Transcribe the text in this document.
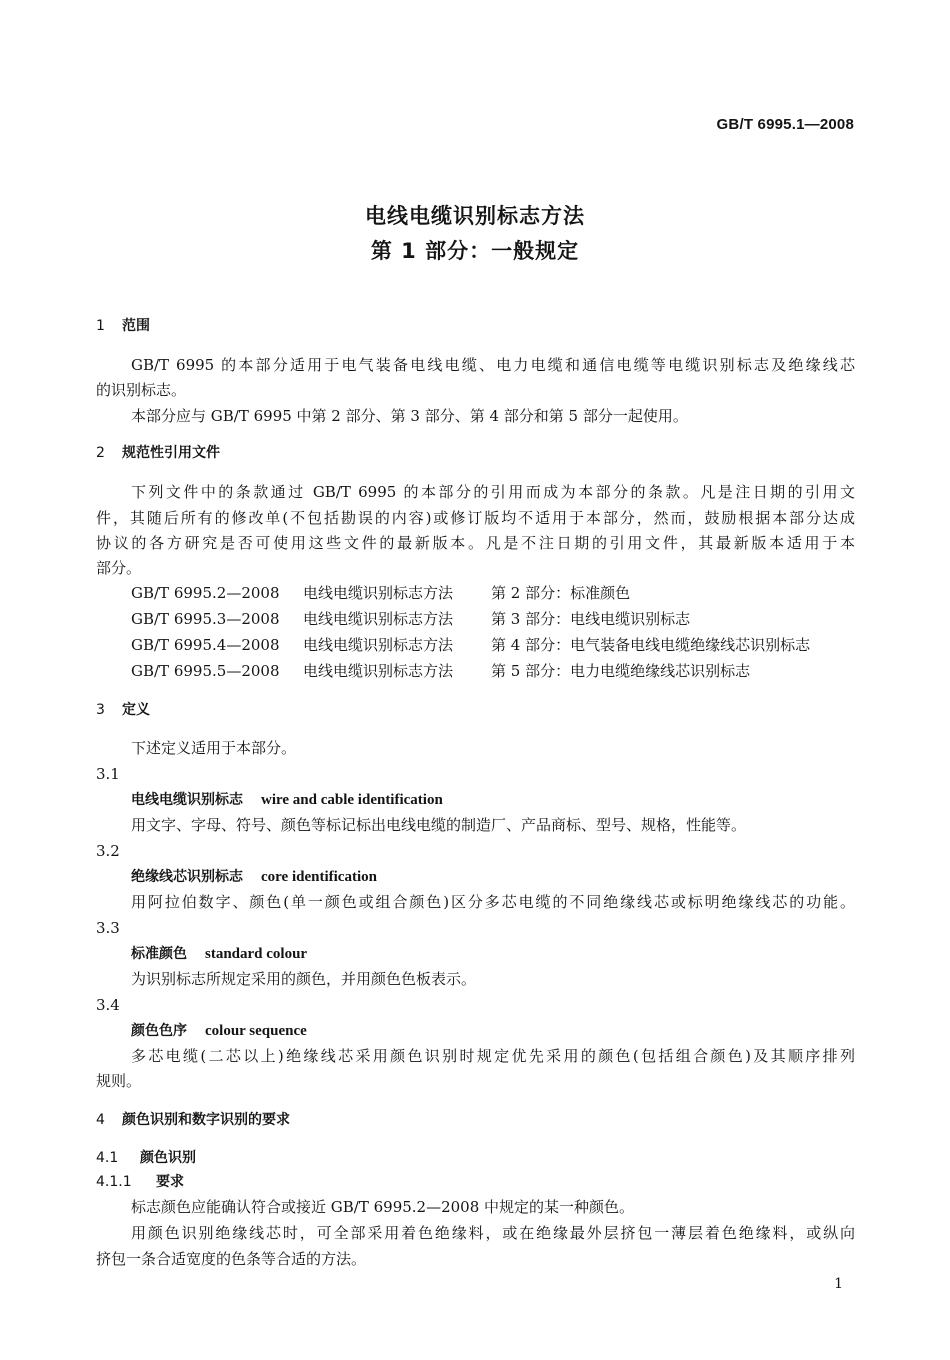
GB/T 6995.1—2008
电线电缆识别标志方法
第 1 部分：一般规定
1 范围
GB/T 6995 的本部分适用于电气装备电线电缆、电力电缆和通信电缆等电缆识别标志及绝缘线芯
的识别标志。
本部分应与 GB/T 6995 中第 2 部分、第 3 部分、第 4 部分和第 5 部分一起使用。
2 规范性引用文件
下列文件中的条款通过 GB/T 6995 的本部分的引用而成为本部分的条款。凡是注日期的引用文
件，其随后所有的修改单(不包括勘误的内容)或修订版均不适用于本部分，然而，鼓励根据本部分达成
协议的各方研究是否可使用这些文件的最新版本。凡是不注日期的引用文件，其最新版本适用于本
部分。
GB/T 6995.2—2008 电线电缆识别标志方法	第 2 部分：标准颜色
GB/T 6995.3—2008 电线电缆识别标志方法	第 3 部分：电线电缆识别标志
GB/T 6995.4—2008 电线电缆识别标志方法	第 4 部分：电气装备电线电缆绝缘线芯识别标志
GB/T 6995.5—2008 电线电缆识别标志方法	第 5 部分：电力电缆绝缘线芯识别标志
3 定义
下述定义适用于本部分。
3.1
电线电缆识别标志 wire and cable identification
用文字、字母、符号、颜色等标记标出电线电缆的制造厂、产品商标、型号、规格，性能等。
3.2
绝缘线芯识别标志 core identification
用阿拉伯数字、颜色(单一颜色或组合颜色)区分多芯电缆的不同绝缘线芯或标明绝缘线芯的功能。
3.3
标准颜色 standard colour
为识别标志所规定采用的颜色，并用颜色色板表示。
3.4
颜色色序 colour sequence
多芯电缆(二芯以上)绝缘线芯采用颜色识别时规定优先采用的颜色(包括组合颜色)及其顺序排列
规则。
4 颜色识别和数字识别的要求
4.1 颜色识别
4.1.1 要求
标志颜色应能确认符合或接近 GB/T 6995.2—2008 中规定的某一种颜色。
用颜色识别绝缘线芯时，可全部采用着色绝缘料，或在绝缘最外层挤包一薄层着色绝缘料，或纵向
挤包一条合适宽度的色条等合适的方法。
1
